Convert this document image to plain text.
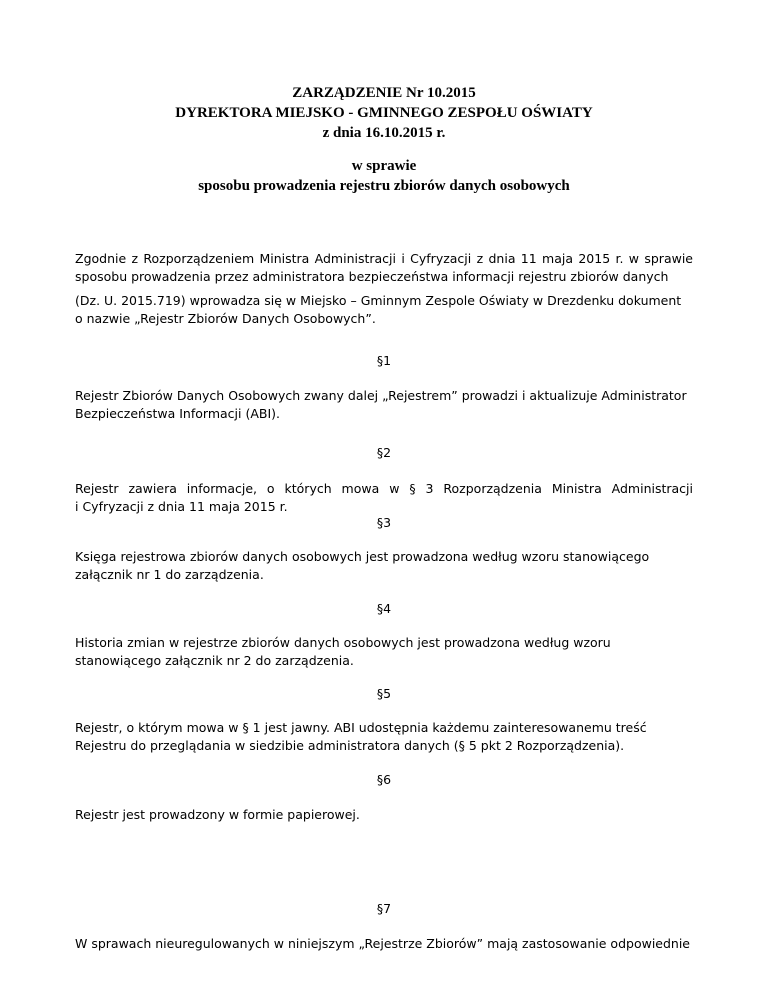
ZARZĄDZENIE Nr 10.2015
DYREKTORA MIEJSKO - GMINNEGO ZESPOŁU OŚWIATY
z dnia 16.10.2015 r.
w sprawie
sposobu prowadzenia rejestru zbiorów danych osobowych
Zgodnie z Rozporządzeniem Ministra Administracji i Cyfryzacji z dnia 11 maja 2015 r. w sprawie
sposobu prowadzenia przez administratora bezpieczeństwa informacji rejestru zbiorów danych
(Dz. U. 2015.719) wprowadza się w Miejsko – Gminnym Zespole Oświaty w Drezdenku dokument
o nazwie „Rejestr Zbiorów Danych Osobowych”.
§1
Rejestr Zbiorów Danych Osobowych zwany dalej „Rejestrem” prowadzi i aktualizuje Administrator
Bezpieczeństwa Informacji (ABI).
§2
Rejestr zawiera informacje, o których mowa w § 3 Rozporządzenia Ministra Administracji
i Cyfryzacji z dnia 11 maja 2015 r.
§3
Księga rejestrowa zbiorów danych osobowych jest prowadzona według wzoru stanowiącego
załącznik nr 1 do zarządzenia.
§4
Historia zmian w rejestrze zbiorów danych osobowych jest prowadzona według wzoru
stanowiącego załącznik nr 2 do zarządzenia.
§5
Rejestr, o którym mowa w § 1 jest jawny. ABI udostępnia każdemu zainteresowanemu treść
Rejestru do przeglądania w siedzibie administratora danych (§ 5 pkt 2 Rozporządzenia).
§6
Rejestr jest prowadzony w formie papierowej.
§7
W sprawach nieuregulowanych w niniejszym „Rejestrze Zbiorów” mają zastosowanie odpowiednie
